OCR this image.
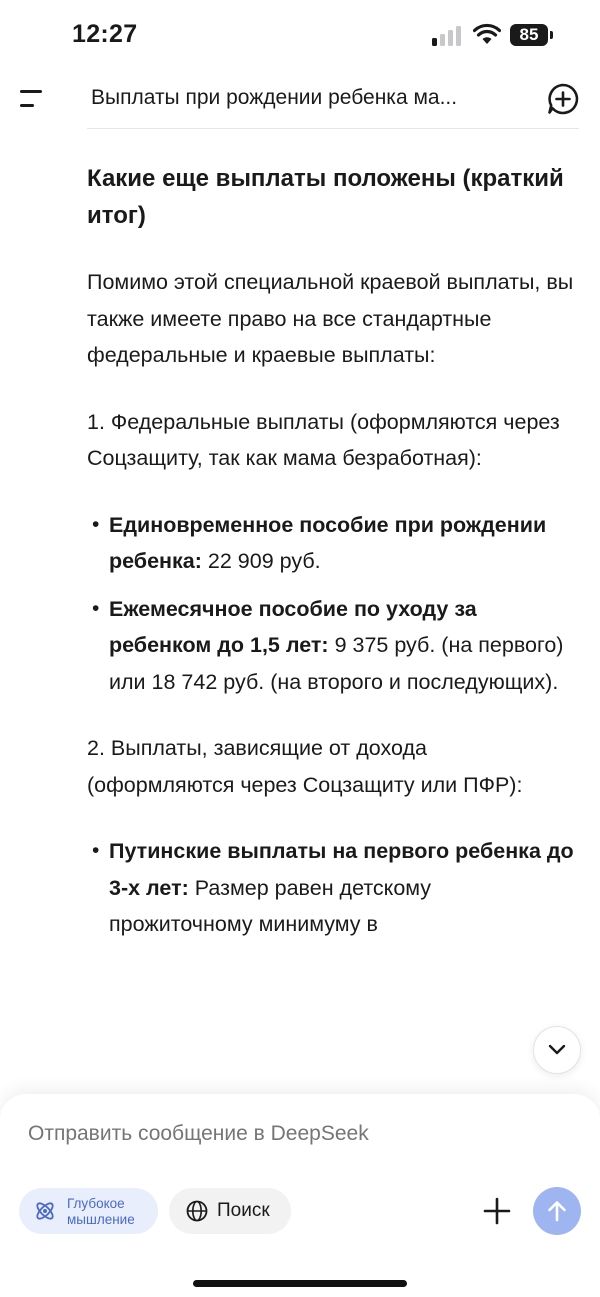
12:27	85
Выплаты при рождении ребенка ма...
Какие еще выплаты положены (краткий итог)
Помимо этой специальной краевой выплаты, вы также имеете право на все стандартные федеральные и краевые выплаты:
1. Федеральные выплаты (оформляются через Соцзащиту, так как мама безработная):
• Единовременное пособие при рождении ребенка: 22 909 руб.
• Ежемесячное пособие по уходу за ребенком до 1,5 лет: 9 375 руб. (на первого) или 18 742 руб. (на второго и последующих).
2. Выплаты, зависящие от дохода (оформляются через Соцзащиту или ПФР):
• Путинские выплаты на первого ребенка до 3-х лет: Размер равен детскому прожиточному минимуму в
Отправить сообщение в DeepSeek
Глубокое мышление	Поиск
